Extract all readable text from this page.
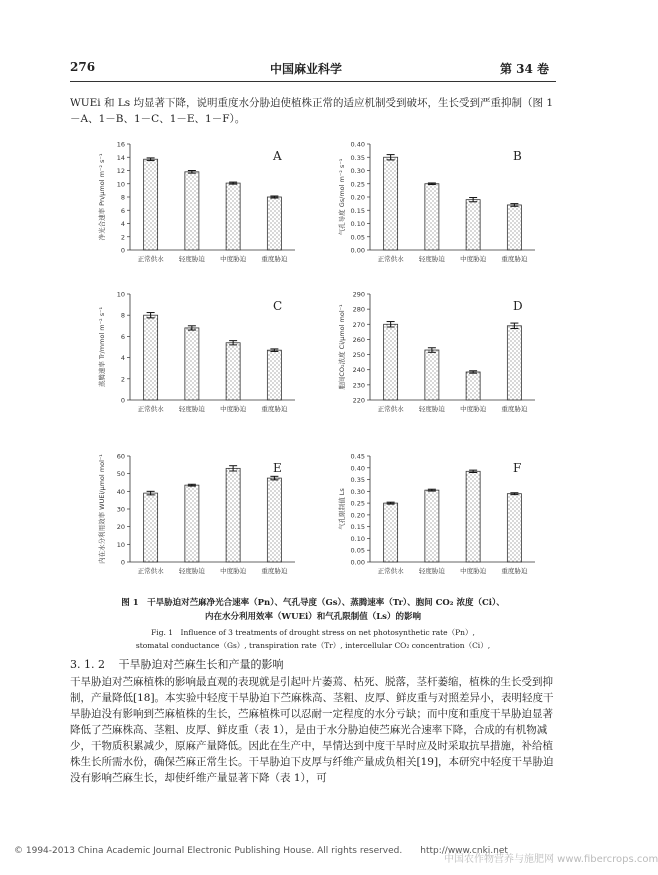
276	中国麻业科学	第 34 卷

WUEi 和 Ls 均显著下降，说明重度水分胁迫使植株正常的适应机制受到破坏，生长受到严重抑制（图 1－A、1－B、1－C、1－E、1－F）。

0
2
4
6
8
10
12
14
16
净光合速率 Pn/μmol m⁻² s⁻¹	A
正常供水 轻度胁迫 中度胁迫 重度胁迫
0.00
0.05
0.10
0.15
0.20
0.25
0.30
0.35
0.40
气孔导度 Gs/mol m⁻² s⁻¹
B
正常供水 轻度胁迫 中度胁迫 重度胁迫
0
2
4
6
8
10
蒸腾速率 Tr/mmol m⁻² s⁻¹
C
正常供水 轻度胁迫 中度胁迫 重度胁迫
220
230
240
250
260
270
280
290
胞间CO₂浓度 Ci/μmol mol⁻¹	D
正常供水 轻度胁迫 中度胁迫 重度胁迫
0
10
20
30
40
50
60
内在水分利用效率 WUEi/μmol mol⁻¹	E
正常供水 轻度胁迫 中度胁迫 重度胁迫
0.00
0.05
0.10
0.15
0.20
0.25
0.30
0.35
0.40
0.45
气孔限制值 Ls
F
正常供水 轻度胁迫 中度胁迫 重度胁迫

图 1　干旱胁迫对苎麻净光合速率（Pn）、气孔导度（Gs）、蒸腾速率（Tr）、胞间 CO₂ 浓度（Ci）、

内在水分利用效率（WUEi）和气孔限制值（Ls）的影响

Fig. 1　Influence of 3 treatments of drought stress on net photosynthetic rate（Pn）,

stomatal conductance（Gs）, transpiration rate（Tr）, intercellular CO₂ concentration（Ci）,

3. 1. 2 干旱胁迫对苎麻生长和产量的影响

干旱胁迫对苎麻植株的影响最直观的表现就是引起叶片萎蔫、枯死、脱落，茎杆萎缩，植株的生长受到抑制，产量降低[18]。本实验中轻度干旱胁迫下苎麻株高、茎粗、皮厚、鲜皮重与对照差异小，表明轻度干旱胁迫没有影响到苎麻植株的生长，苎麻植株可以忍耐一定程度的水分亏缺；而中度和重度干旱胁迫显著降低了苎麻株高、茎粗、皮厚、鲜皮重（表 1），是由于水分胁迫使苎麻光合速率下降，合成的有机物减少，干物质积累减少，原麻产量降低。因此在生产中，旱情达到中度干旱时应及时采取抗旱措施，补给植株生长所需水份，确保苎麻正常生长。干旱胁迫下皮厚与纤维产量成负相关[19]，本研究中轻度干旱胁迫没有影响苎麻生长，却使纤维产量显著下降（表 1），可

© 1994-2013 China Academic Journal Electronic Publishing House. All rights reserved.　　http://www.cnki.net
中国农作物营养与施肥网 www.fibercrops.com
